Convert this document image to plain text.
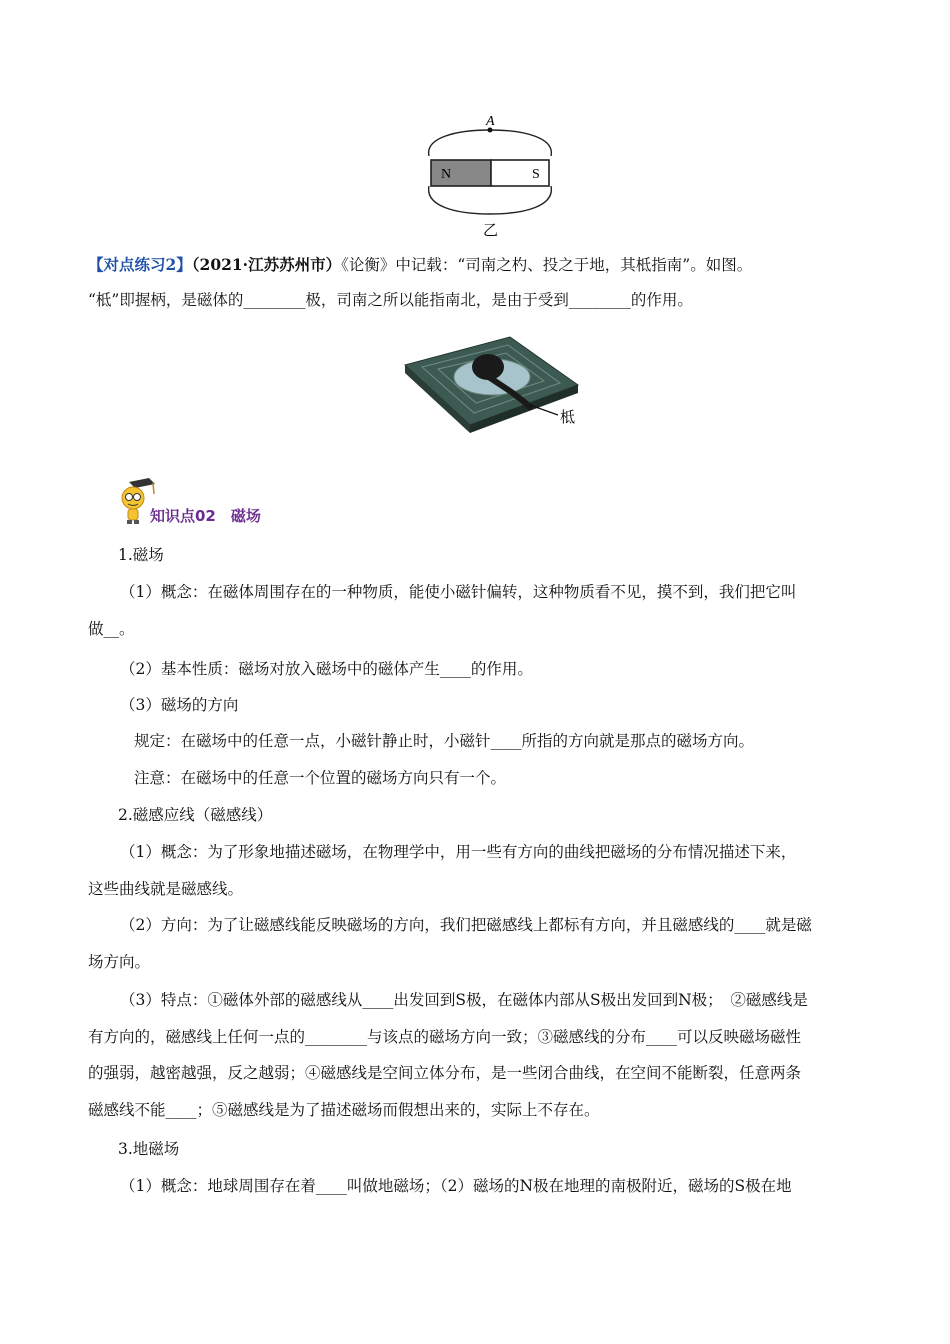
A
N	S
乙
【对点练习2】（2021·江苏苏州市）《论衡》中记载：“司南之杓、投之于地，其柢指南”。如图。
“柢”即握柄，是磁体的________极，司南之所以能指南北，是由于受到________的作用。
柢
知识点02　磁场
1.磁场
（1）概念：在磁体周围存在的一种物质，能使小磁针偏转，这种物质看不见，摸不到，我们把它叫
做__。
（2）基本性质：磁场对放入磁场中的磁体产生____的作用。
（3）磁场的方向
规定：在磁场中的任意一点，小磁针静止时，小磁针____所指的方向就是那点的磁场方向。
注意：在磁场中的任意一个位置的磁场方向只有一个。
2.磁感应线（磁感线）
（1）概念：为了形象地描述磁场，在物理学中，用一些有方向的曲线把磁场的分布情况描述下来，
这些曲线就是磁感线。
（2）方向：为了让磁感线能反映磁场的方向，我们把磁感线上都标有方向，并且磁感线的____就是磁
场方向。
（3）特点：①磁体外部的磁感线从____出发回到S极，在磁体内部从S极出发回到N极；　②磁感线是
有方向的，磁感线上任何一点的________与该点的磁场方向一致；③磁感线的分布____可以反映磁场磁性
的强弱，越密越强，反之越弱；④磁感线是空间立体分布，是一些闭合曲线，在空间不能断裂，任意两条
磁感线不能____；⑤磁感线是为了描述磁场而假想出来的，实际上不存在。
3.地磁场
（1）概念：地球周围存在着____叫做地磁场；（2）磁场的N极在地理的南极附近，磁场的S极在地
